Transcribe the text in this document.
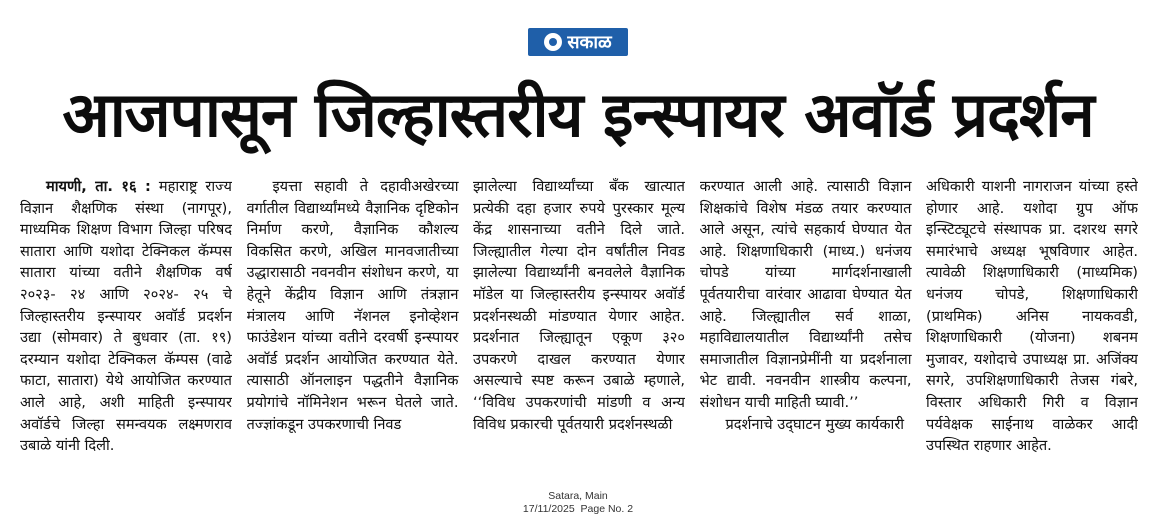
सकाळ
आजपासून जिल्हास्तरीय इन्स्पायर अवॉर्ड प्रदर्शन

मायणी, ता. १६ : महाराष्ट्र राज्य विज्ञान शैक्षणिक संस्था (नागपूर), माध्यमिक शिक्षण विभाग जिल्हा परिषद सातारा आणि यशोदा टेक्निकल कॅम्पस सातारा यांच्या वतीने शैक्षणिक वर्ष २०२३- २४ आणि २०२४- २५ चे जिल्हास्तरीय इन्स्पायर अवॉर्ड प्रदर्शन उद्या (सोमवार) ते बुधवार (ता. १९) दरम्यान यशोदा टेक्निकल कॅम्पस (वाढे फाटा, सातारा) येथे आयोजित करण्यात आले आहे, अशी माहिती इन्स्पायर अवॉर्डचे जिल्हा समन्वयक लक्ष्मणराव उबाळे यांनी दिली.

इयत्ता सहावी ते दहावीअखेरच्या वर्गातील विद्यार्थ्यांमध्ये वैज्ञानिक दृष्टिकोन निर्माण करणे, वैज्ञानिक कौशल्य विकसित करणे, अखिल मानवजातीच्या उद्धारासाठी नवनवीन संशोधन करणे, या हेतूने केंद्रीय विज्ञान आणि तंत्रज्ञान मंत्रालय आणि नॅशनल इनोव्हेशन फाउंडेशन यांच्या वतीने दरवर्षी इन्स्पायर अवॉर्ड प्रदर्शन आयोजित करण्यात येते. त्यासाठी ऑनलाइन पद्धतीने वैज्ञानिक प्रयोगांचे नॉमिनेशन भरून घेतले जाते. तज्ज्ञांकडून उपकरणाची निवड

झालेल्या विद्यार्थ्यांच्या बँक खात्यात प्रत्येकी दहा हजार रुपये पुरस्कार मूल्य केंद्र शासनाच्या वतीने दिले जाते. जिल्ह्यातील गेल्या दोन वर्षांतील निवड झालेल्या विद्यार्थ्यांनी बनवलेले वैज्ञानिक मॉडेल या जिल्हास्तरीय इन्स्पायर अवॉर्ड प्रदर्शनस्थळी मांडण्यात येणार आहेत. प्रदर्शनात जिल्ह्यातून एकूण ३२० उपकरणे दाखल करण्यात येणार असल्याचे स्पष्ट करून उबाळे म्हणाले, ‘‘विविध उपकरणांची मांडणी व अन्य विविध प्रकारची पूर्वतयारी प्रदर्शनस्थळी

करण्यात आली आहे. त्यासाठी विज्ञान शिक्षकांचे विशेष मंडळ तयार करण्यात आले असून, त्यांचे सहकार्य घेण्यात येत आहे. शिक्षणाधिकारी (माध्य.) धनंजय चोपडे यांच्या मार्गदर्शनाखाली पूर्वतयारीचा वारंवार आढावा घेण्यात येत आहे. जिल्ह्यातील सर्व शाळा, महाविद्यालयातील विद्यार्थ्यांनी तसेच समाजातील विज्ञानप्रेमींनी या प्रदर्शनाला भेट द्यावी. नवनवीन शास्त्रीय कल्पना, संशोधन याची माहिती घ्यावी.’’

प्रदर्शनाचे उद्‌घाटन मुख्य कार्यकारी

अधिकारी याशनी नागराजन यांच्या हस्ते होणार आहे. यशोदा ग्रुप ऑफ इन्स्टिट्यूटचे संस्थापक प्रा. दशरथ सगरे समारंभाचे अध्यक्ष भूषविणार आहेत. त्यावेळी शिक्षणाधिकारी (माध्यमिक) धनंजय चोपडे, शिक्षणाधिकारी (प्राथमिक) अनिस नायकवडी, शिक्षणाधिकारी (योजना) शबनम मुजावर, यशोदाचे उपाध्यक्ष प्रा. अजिंक्य सगरे, उपशिक्षणाधिकारी तेजस गंबरे, विस्तार अधिकारी गिरी व विज्ञान पर्यवेक्षक साईनाथ वाळेकर आदी उपस्थित राहणार आहेत.

Satara, Main
17/11/2025  Page No. 2
